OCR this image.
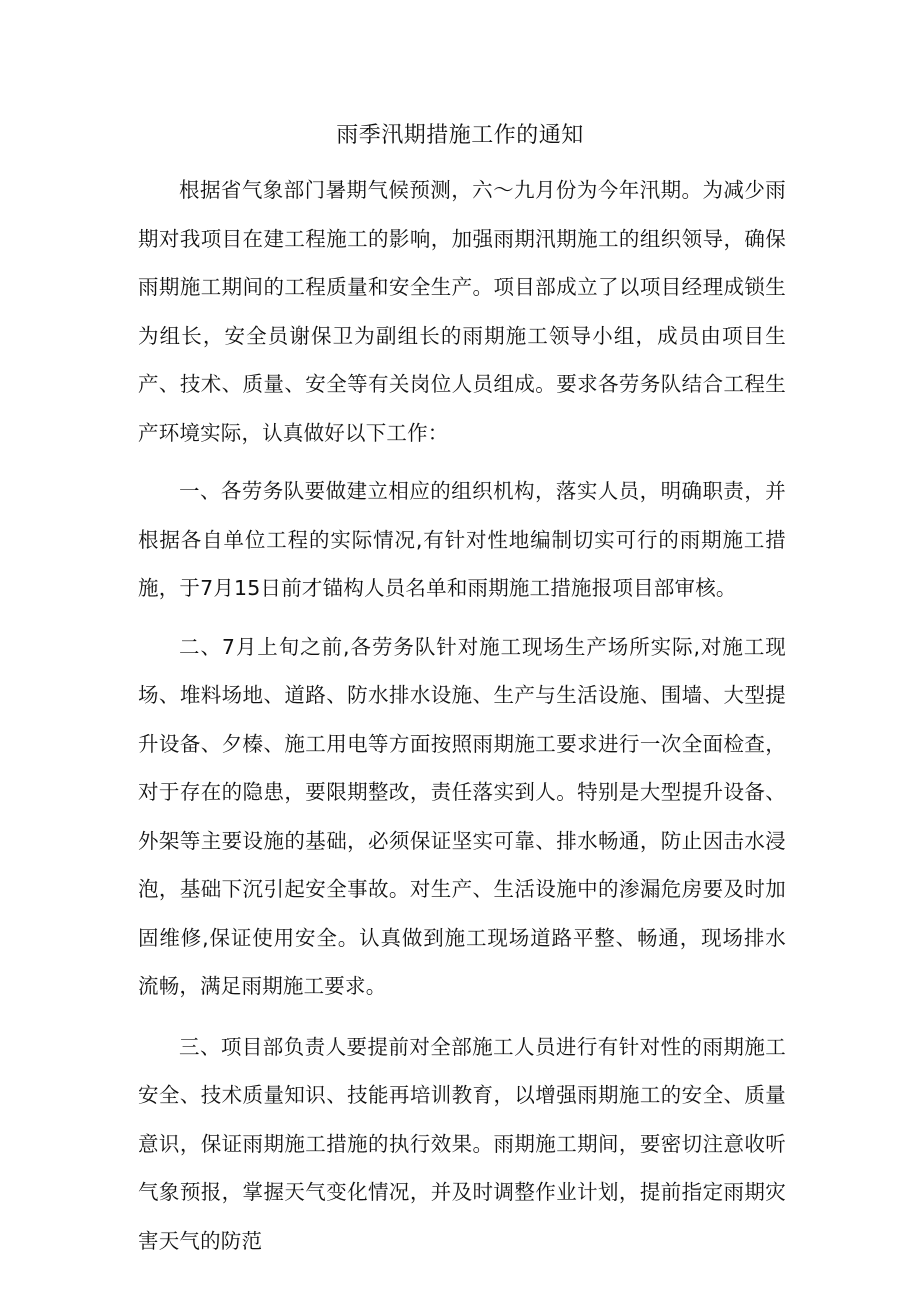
雨季汛期措施工作的通知

根据省气象部门暑期气候预测，六〜九月份为今年汛期。为减少雨期对我项目在建工程施工的影响，加强雨期汛期施工的组织领导，确保雨期施工期间的工程质量和安全生产。项目部成立了以项目经理成锁生为组长，安全员谢保卫为副组长的雨期施工领导小组，成员由项目生产、技术、质量、安全等有关岗位人员组成。要求各劳务队结合工程生产环境实际，认真做好以下工作：

一、各劳务队要做建立相应的组织机构，落实人员，明确职责，并根据各自单位工程的实际情况,有针对性地编制切实可行的雨期施工措施，于7月15日前才锚构人员名单和雨期施工措施报项目部审核。

二、7月上旬之前,各劳务队针对施工现场生产场所实际,对施工现场、堆料场地、道路、防水排水设施、生产与生活设施、围墙、大型提升设备、夕榛、施工用电等方面按照雨期施工要求进行一次全面检查，对于存在的隐患，要限期整改，责任落实到人。特别是大型提升设备、外架等主要设施的基础，必须保证坚实可靠、排水畅通，防止因击水浸泡，基础下沉引起安全事故。对生产、生活设施中的渗漏危房要及时加固维修,保证使用安全。认真做到施工现场道路平整、畅通，现场排水流畅，满足雨期施工要求。

三、项目部负责人要提前对全部施工人员进行有针对性的雨期施工安全、技术质量知识、技能再培训教育，以增强雨期施工的安全、质量意识，保证雨期施工措施的执行效果。雨期施工期间，要密切注意收听气象预报，掌握天气变化情况，并及时调整作业计划，提前指定雨期灾害天气的防范
